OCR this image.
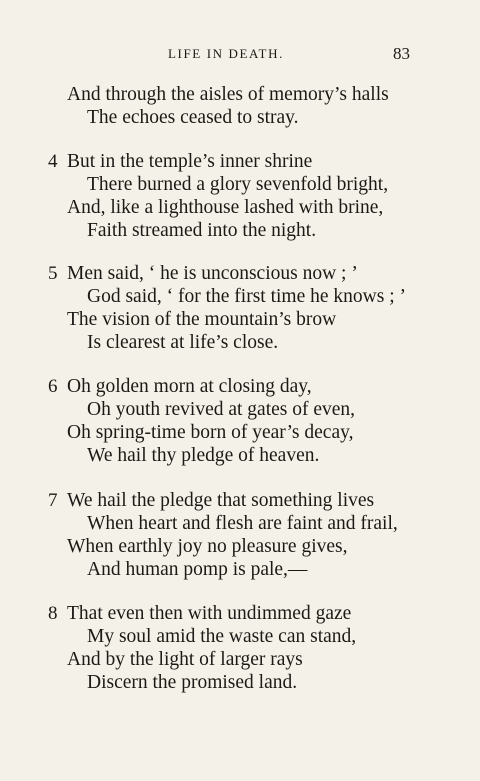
LIFE IN DEATH.	83
And through the aisles of memory’s halls
The echoes ceased to stray.
4 But in the temple’s inner shrine
There burned a glory sevenfold bright,
And, like a lighthouse lashed with brine,
Faith streamed into the night.
5 Men said, ‘ he is unconscious now ; ’
God said, ‘ for the first time he knows ; ’
The vision of the mountain’s brow
Is clearest at life’s close.
6 Oh golden morn at closing day,
Oh youth revived at gates of even,
Oh spring-time born of year’s decay,
We hail thy pledge of heaven.
7 We hail the pledge that something lives
When heart and flesh are faint and frail,
When earthly joy no pleasure gives,
And human pomp is pale,—
8 That even then with undimmed gaze
My soul amid the waste can stand,
And by the light of larger rays
Discern the promised land.
